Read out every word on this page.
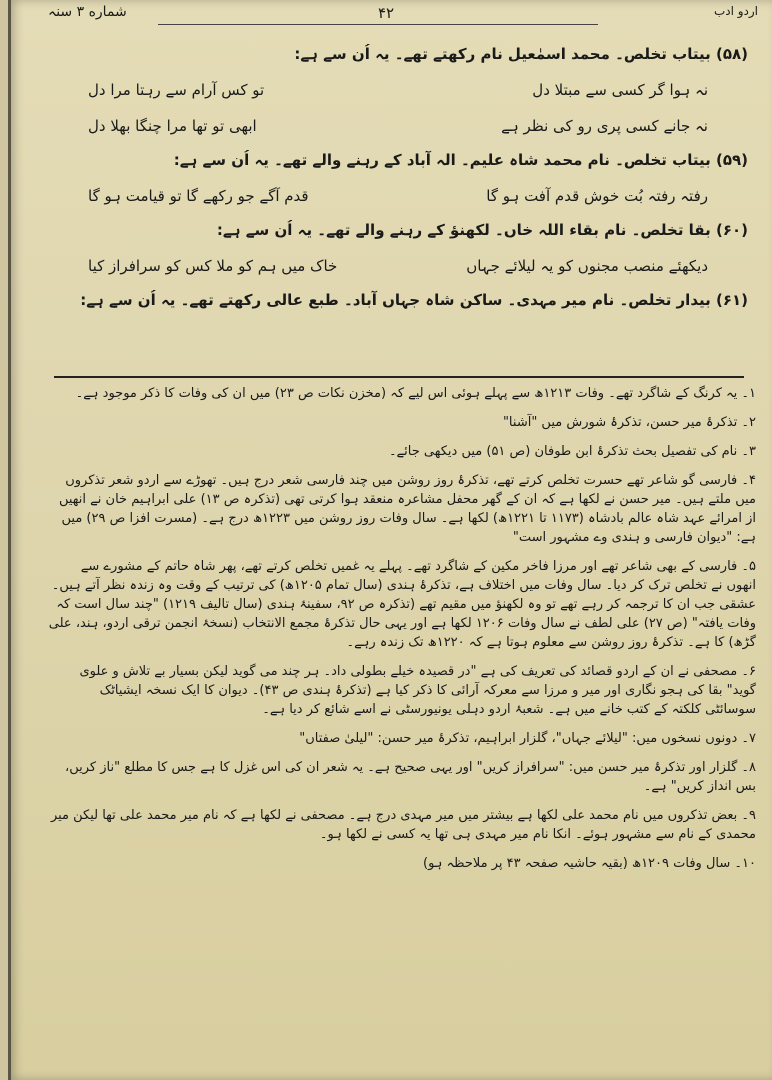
شماره ۳ سنہ	۴۲	اردو ادب
(۵۸) بیتاب تخلص۔ محمد اسمٰعیل نام رکھتے تھے۔ یہ اُن سے ہے:
نہ ہوا گر کسی سے مبتلا دل
تو کس آرام سے رہتا مرا دل
نہ جانے کسی پری رو کی نظر ہے
ابھی تو تھا مرا چنگا بھلا دل
(۵۹) بیتاب تخلص۔ نام محمد شاہ علیم۔ الہ آباد کے رہنے والے تھے۔ یہ اُن سے ہے:
رفتہ رفتہ بُت خوش قدم آفت ہو گا
قدم آگے جو رکھے گا تو قیامت ہو گا
(۶۰) بقا تخلص۔ نام بقاء اللہ خاں۔ لکھنؤ کے رہنے والے تھے۔ یہ اُن سے ہے:
دیکھئے منصب مجنوں کو یہ لیلائے جہاں
خاک میں ہم کو ملا کس کو سرافراز کیا
(۶۱) بیدار تخلص۔ نام میر مہدی۔ ساکن شاہ جہاں آباد۔ طبع عالی رکھتے تھے۔ یہ اُن سے ہے:
۱۔ یہ کرنگ کے شاگرد تھے۔ وفات ۱۲۱۳ھ سے پہلے ہوئی اس لیے کہ (مخزن نکات ص ۲۳) میں ان کی وفات کا ذکر موجود ہے۔
۲۔ تذکرۂ میر حسن، تذکرۂ شورش میں "آشنا"
۳۔ نام کی تفصیل بحث تذکرۂ ابن طوفان (ص ۵۱) میں دیکھی جائے۔
۴۔ فارسی گو شاعر تھے حسرت تخلص کرتے تھے، تذکرۂ روز روشن میں چند فارسی شعر درج ہیں۔ تھوڑے سے اردو شعر تذکروں میں ملتے ہیں۔ میر حسن نے لکھا ہے کہ ان کے گھر محفل مشاعرہ منعقد ہوا کرتی تھی (تذکرہ ص ۱۳) علی ابراہیم خان نے انھیں از امرائے عہد شاہ عالم بادشاہ (۱۱۷۳ تا ۱۲۲۱ھ) لکھا ہے۔ سال وفات روز روشن میں ۱۲۲۳ھ درج ہے۔ (مسرت افزا ص ۲۹) میں ہے: "دیوان فارسی و ہندی وے مشہور است"
۵۔ فارسی کے بھی شاعر تھے اور مرزا فاخر مکین کے شاگرد تھے۔ پہلے یہ غمیں تخلص کرتے تھے، پھر شاہ حاتم کے مشورے سے انھوں نے تخلص ترک کر دیا۔ سال وفات میں اختلاف ہے، تذکرۂ ہندی (سال تمام ۱۲۰۵ھ) کی ترتیب کے وقت وہ زندہ نظر آتے ہیں۔ عشقی جب ان کا ترجمہ کر رہے تھے تو وہ لکھنؤ میں مقیم تھے (تذکرہ ص ۹۲، سفینۂ ہندی (سال تالیف ۱۲۱۹) "چند سال است کہ وفات یافتہ" (ص ۲۷) علی لطف نے سال وفات ۱۲۰۶ لکھا ہے اور یہی حال تذکرۂ مجمع الانتخاب (نسخۂ انجمن ترقی اردو، ہند، علی گڑھ) کا ہے۔ تذکرۂ روز روشن سے معلوم ہوتا ہے کہ ۱۲۲۰ھ تک زندہ رہے۔
۶۔ مصحفی نے ان کے اردو قصائد کی تعریف کی ہے "در قصیدہ خیلے بطولی داد۔ ہر چند می گوید لیکن بسیار بے تلاش و علوی گوید" بقا کی ہجو نگاری اور میر و مرزا سے معرکہ آرائی کا ذکر کیا ہے (تذکرۂ ہندی ص ۴۳)۔ دیوان کا ایک نسخہ ایشیاٹک سوسائٹی کلکتہ کے کتب خانے میں ہے۔ شعبۂ اردو دہلی یونیورسٹی نے اسے شائع کر دیا ہے۔
۷۔ دونوں نسخوں میں: "لیلائے جہاں"، گلزار ابراہیم، تذکرۂ میر حسن: "لیلیٰ صفتاں"
۸۔ گلزار اور تذکرۂ میر حسن میں: "سرافراز کریں" اور یہی صحیح ہے۔ یہ شعر ان کی اس غزل کا ہے جس کا مطلع "ناز کریں، بس انداز کریں" ہے۔
۹۔ بعض تذکروں میں نام محمد علی لکھا ہے بیشتر میں میر مہدی درج ہے۔ مصحفی نے لکھا ہے کہ نام میر محمد علی تھا لیکن میر محمدی کے نام سے مشہور ہوئے۔ انکا نام میر مہدی ہی تھا یہ کسی نے لکھا ہو۔
۱۰۔ سال وفات ۱۲۰۹ھ (بقیہ حاشیہ صفحہ ۴۳ پر ملاحظہ ہو)
